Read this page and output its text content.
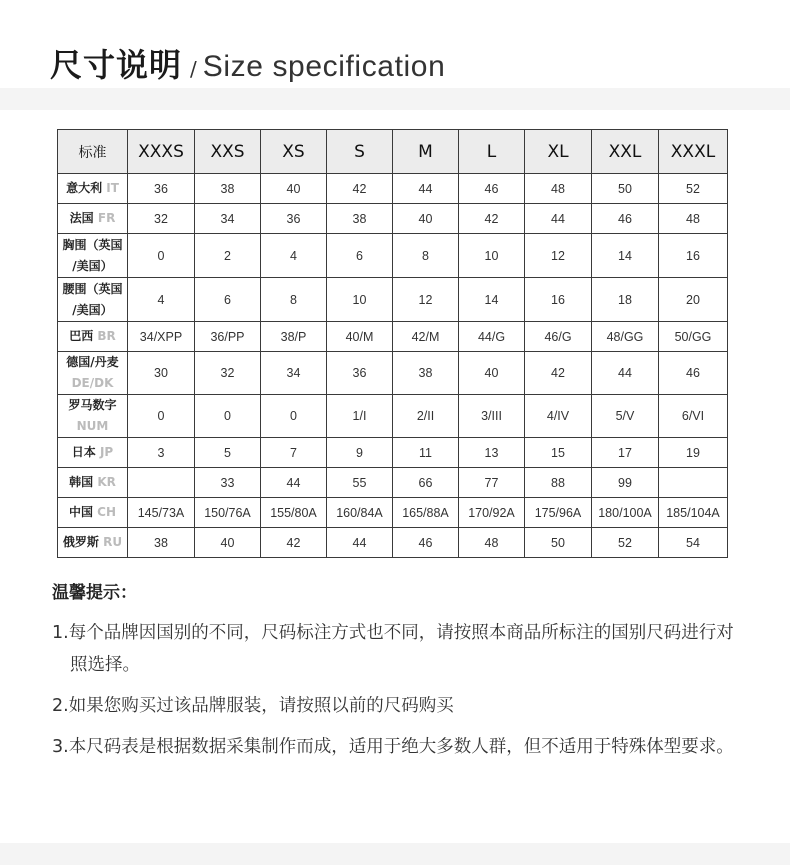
尺寸说明 / Size specification
标准	XXXS	XXS	XS	S	M	L	XL	XXL	XXXL
意大利 IT	36	38	40	42	44	46	48	50	52
法国 FR	32	34	36	38	40	42	44	46	48
胸围（英国
/美国）	0	2	4	6	8	10	12	14	16
腰围（英国
/美国）	4	6	8	10	12	14	16	18	20
巴西 BR	34/XPP	36/PP	38/P	40/M	42/M	44/G	46/G	48/GG	50/GG
德国/丹麦
DE/DK	30	32	34	36	38	40	42	44	46
罗马数字
NUM	0	0	0	1/I	2/II	3/III	4/IV	5/V	6/VI
日本 JP	3	5	7	9	11	13	15	17	19
韩国 KR		33	44	55	66	77	88	99	
中国 CH	145/73A	150/76A	155/80A	160/84A	165/88A	170/92A	175/96A	180/100A	185/104A
俄罗斯 RU	38	40	42	44	46	48	50	52	54
温馨提示：
1.每个品牌因国别的不同，尺码标注方式也不同，请按照本商品所标注的国别尺码进行对照选择。
2.如果您购买过该品牌服装，请按照以前的尺码购买
3.本尺码表是根据数据采集制作而成，适用于绝大多数人群，但不适用于特殊体型要求。
